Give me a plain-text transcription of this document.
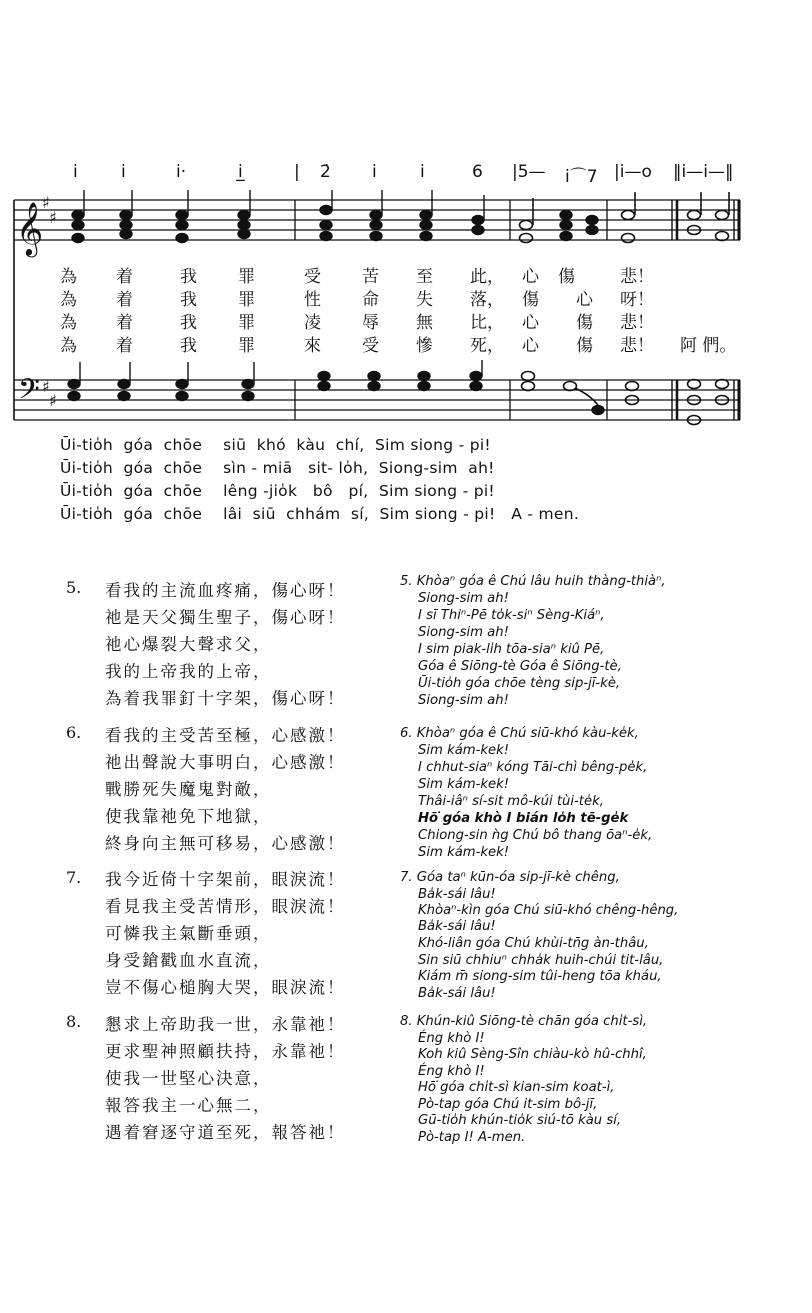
i	i	i·	i̲	| 2̇ i	i	6 |5— i⌒7 |i—o ‖i—i—‖
𝄞
𝄢
♯
♯
♯
♯
為 着	我 罪	受 苦 至 此， 心 傷	悲！
為 着	我 罪	性 命 失 落， 傷 心 呀！
為 着	我 罪	凌 辱 無 比， 心 傷 悲！
為 着	我 罪	來 受 慘 死， 心 傷 悲！ 阿 們。
Ūi-tio̍h  góa  chōe    siū  khó  kàu  chí,  Sim siong - pi!
Ūi-tio̍h  góa  chōe    sìn - miā   sit- lo̍h,  Siong-sim  ah!
Ūi-tio̍h  góa  chōe    lêng -jio̍k   bô   pí,  Sim siong - pi!
Ūi-tio̍h  góa  chōe    lâi  siū  chhám  sí,  Sim siong - pi!   A - men.
5. 看我的主流血疼痛，傷心呀！
祂是天父獨生聖子，傷心呀！
祂心爆裂大聲求父，
我的上帝我的上帝，
為着我罪釘十字架，傷心呀！
5. Khòaⁿ góa ê Chú lâu huih thàng-thiàⁿ,
Siong-sim ah!
I sī Thiⁿ-Pē to̍k-siⁿ Sèng-Kiáⁿ,
Siong-sim ah!
I sim piak-li̍h tōa-siaⁿ kiû Pē,
Góa ê Siōng-tè Góa ê Siōng-tè,
Ūi-tio̍h góa chōe tèng sip-jī-kè,
Siong-sim ah!
6. 看我的主受苦至極，心感激！
祂出聲說大事明白，心感激！
戰勝死失魔鬼對敵，
使我靠祂免下地獄，
終身向主無可移易，心感激！
6. Khòaⁿ góa ê Chú siū-khó kàu-ke̍k,
Sim kám-kek!
I chhut-siaⁿ kóng Tāi-chì bêng-pe̍k,
Sim kám-kek!
Thâi-iâⁿ sí-sit mô-kúi tùi-te̍k,
Hō͘ góa khò I bián lo̍h tē-ge̍k
Chiong-sin ǹg Chú bô thang ōaⁿ-e̍k,
Sim kám-kek!
7. 我今近倚十字架前，眼淚流！
看見我主受苦情形，眼淚流！
可憐我主氣斷垂頭，
身受鎗戳血水直流，
豈不傷心槌胸大哭，眼淚流！
7. Góa taⁿ kūn-óa sip-jī-kè chêng,
Ba̍k-sái lâu!
Khòaⁿ-kìn góa Chú siū-khó chêng-hêng,
Ba̍k-sái lâu!
Khó-liân góa Chú khùi-tn̄g àn-thâu,
Sin siū chhiuⁿ chha̍k huih-chúi tit-lâu,
Kiám m̄ siong-sim tûi-heng tōa kháu,
Ba̍k-sái lâu!
8. 懇求上帝助我一世，永靠祂！
更求聖神照顧扶持，永靠祂！
使我一世堅心決意，
報答我主一心無二，
遇着窘逐守道至死，報答祂！
8. Khún-kiû Siōng-tè chān góa chi̍t-sì,
Éng khò I!
Koh kiû Sèng-Sîn chiàu-kò hû-chhî,
Éng khò I!
Hō͘ góa chi̍t-sì kian-sim koat-ì,
Pò-tap góa Chú it-sim bô-jī,
Gū-tio̍h khún-tio̍k siú-tō kàu sí,
Pò-tap I! A-men.
